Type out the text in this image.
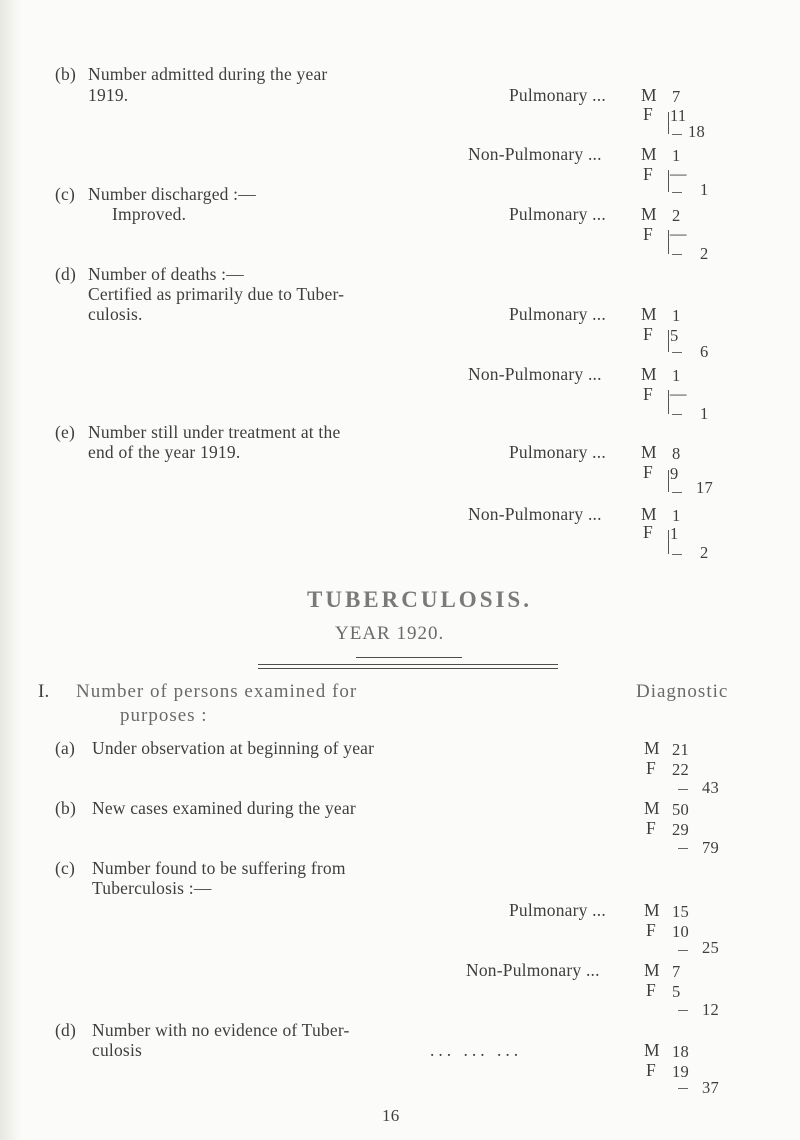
(b) Number admitted during the year
1919.	Pulmonary ... M 7
F 11
18
Non-Pulmonary ... M 1
F —
1
(c) Number discharged :—
Improved.	Pulmonary ... M 2
F —
2
(d) Number of deaths :—
Certified as primarily due to Tuber-
culosis.	Pulmonary ... M 1
F 5
6
Non-Pulmonary ... M 1
F —
1
(e) Number still under treatment at the
end of the year 1919.	Pulmonary ... M 8
F 9
17
Non-Pulmonary ... M 1
F 1
2
TUBERCULOSIS.
YEAR 1920.
I. Number of persons examined for	Diagnostic
purposes :
(a) Under observation at beginning of year	M 21
F 22
43
(b) New cases examined during the year	M 50
F 29
79
(c) Number found to be suffering from
Tuberculosis :—
Pulmonary ... M 15
F 10
25
Non-Pulmonary ...	M 7
F 5
12
(d) Number with no evidence of Tuber-
culosis	... ... ...	M 18
F 19
37
16
